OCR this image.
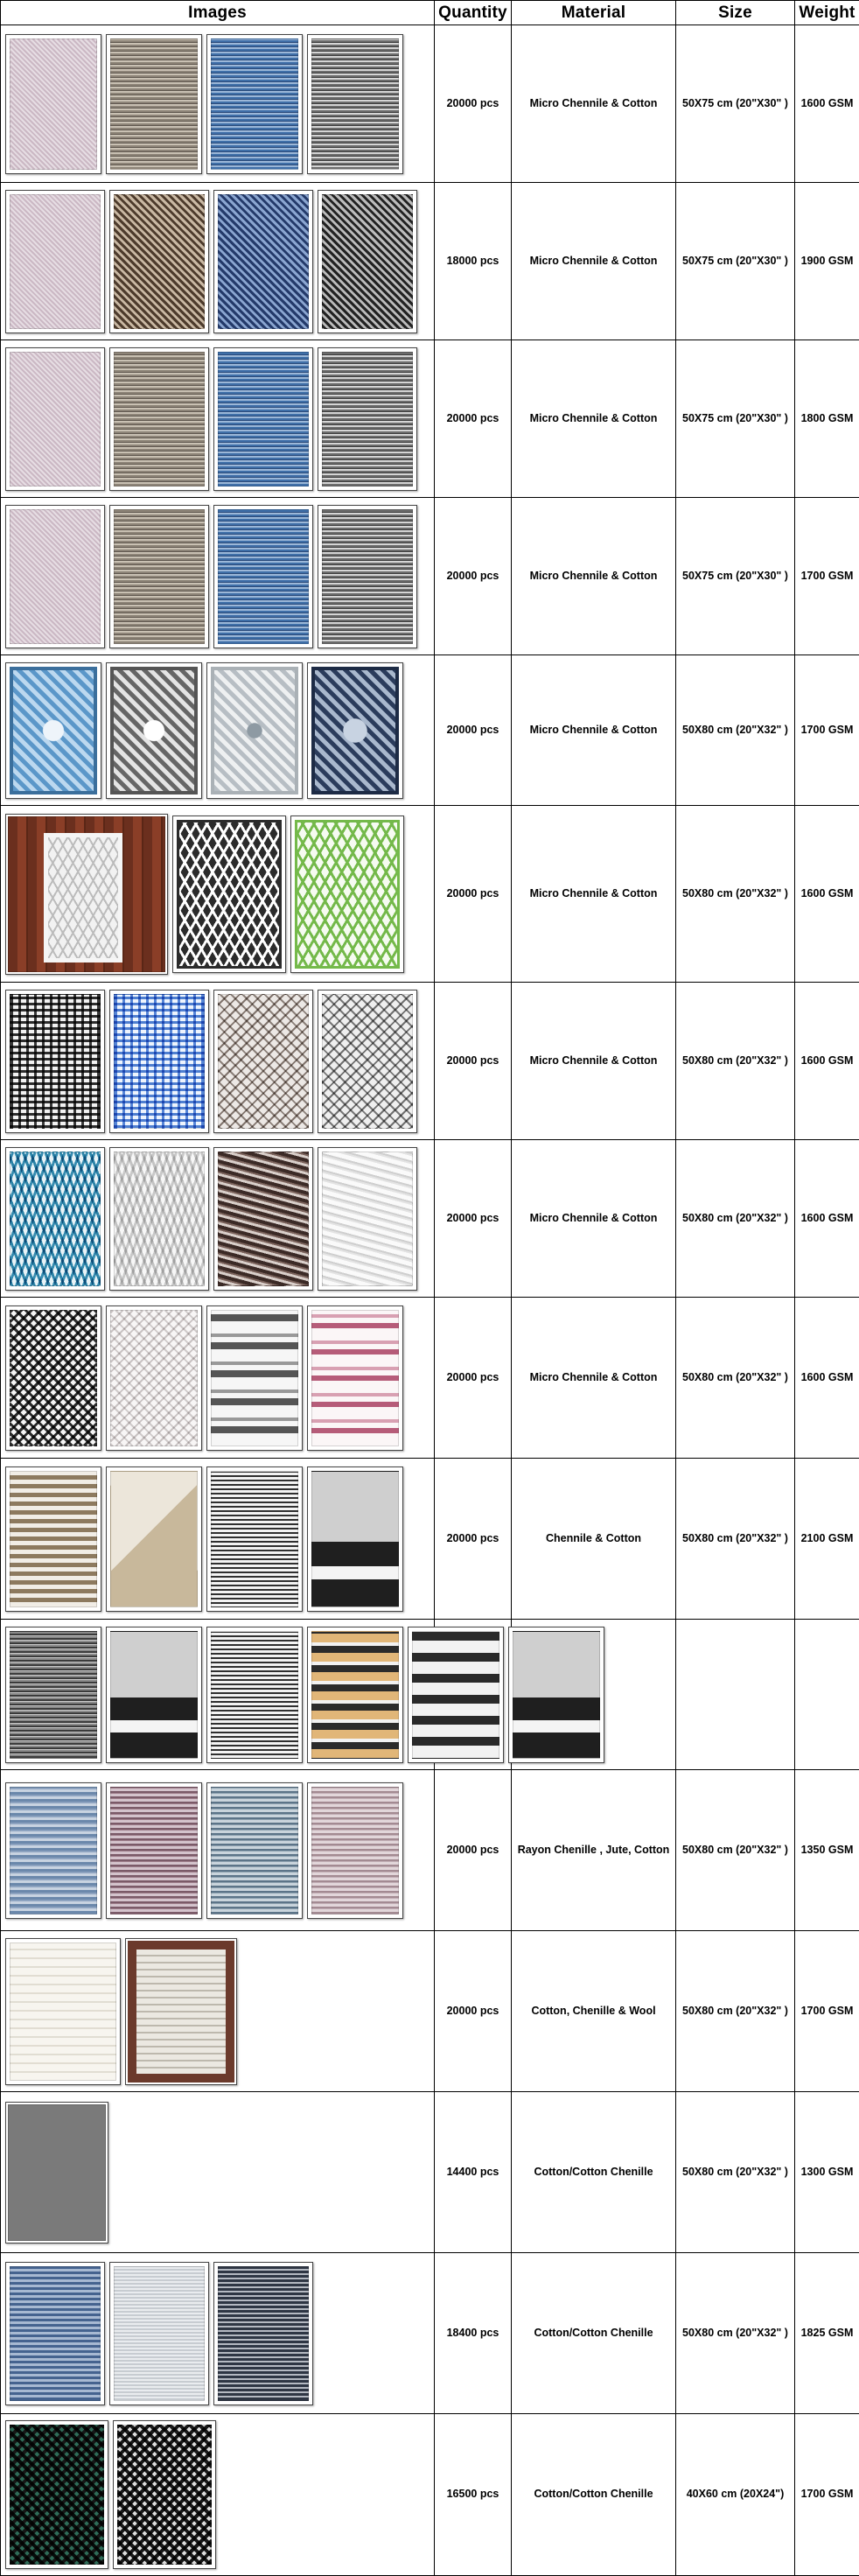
Images	Quantity	Material	Size	Weight

	20000 pcs	Micro Chennile & Cotton	50X75 cm (20"X30" )	1600 GSM

	18000 pcs	Micro Chennile & Cotton	50X75 cm (20"X30" )	1900 GSM

	20000 pcs	Micro Chennile & Cotton	50X75 cm (20"X30" )	1800 GSM

	20000 pcs	Micro Chennile & Cotton	50X75 cm (20"X30" )	1700 GSM

	20000 pcs	Micro Chennile & Cotton	50X80 cm (20"X32" )	1700 GSM

	20000 pcs	Micro Chennile & Cotton	50X80 cm (20"X32" )	1600 GSM

	20000 pcs	Micro Chennile & Cotton	50X80 cm (20"X32" )	1600 GSM

	20000 pcs	Micro Chennile & Cotton	50X80 cm (20"X32" )	1600 GSM

	20000 pcs	Micro Chennile & Cotton	50X80 cm (20"X32" )	1600 GSM

	20000 pcs	Chennile & Cotton	50X80 cm (20"X32" )	2100 GSM

	20000 pcs	Rayon Chenille , Jute, Cotton	50X80 cm (20"X32" )	1350 GSM

	20000 pcs	Cotton, Chenille & Wool	50X80 cm (20"X32" )	1700 GSM

	14400 pcs	Cotton/Cotton Chenille	50X80 cm (20"X32" )	1300 GSM

	18400 pcs	Cotton/Cotton Chenille	50X80 cm (20"X32" )	1825 GSM

	16500 pcs	Cotton/Cotton Chenille	40X60 cm (20X24")	1700 GSM
